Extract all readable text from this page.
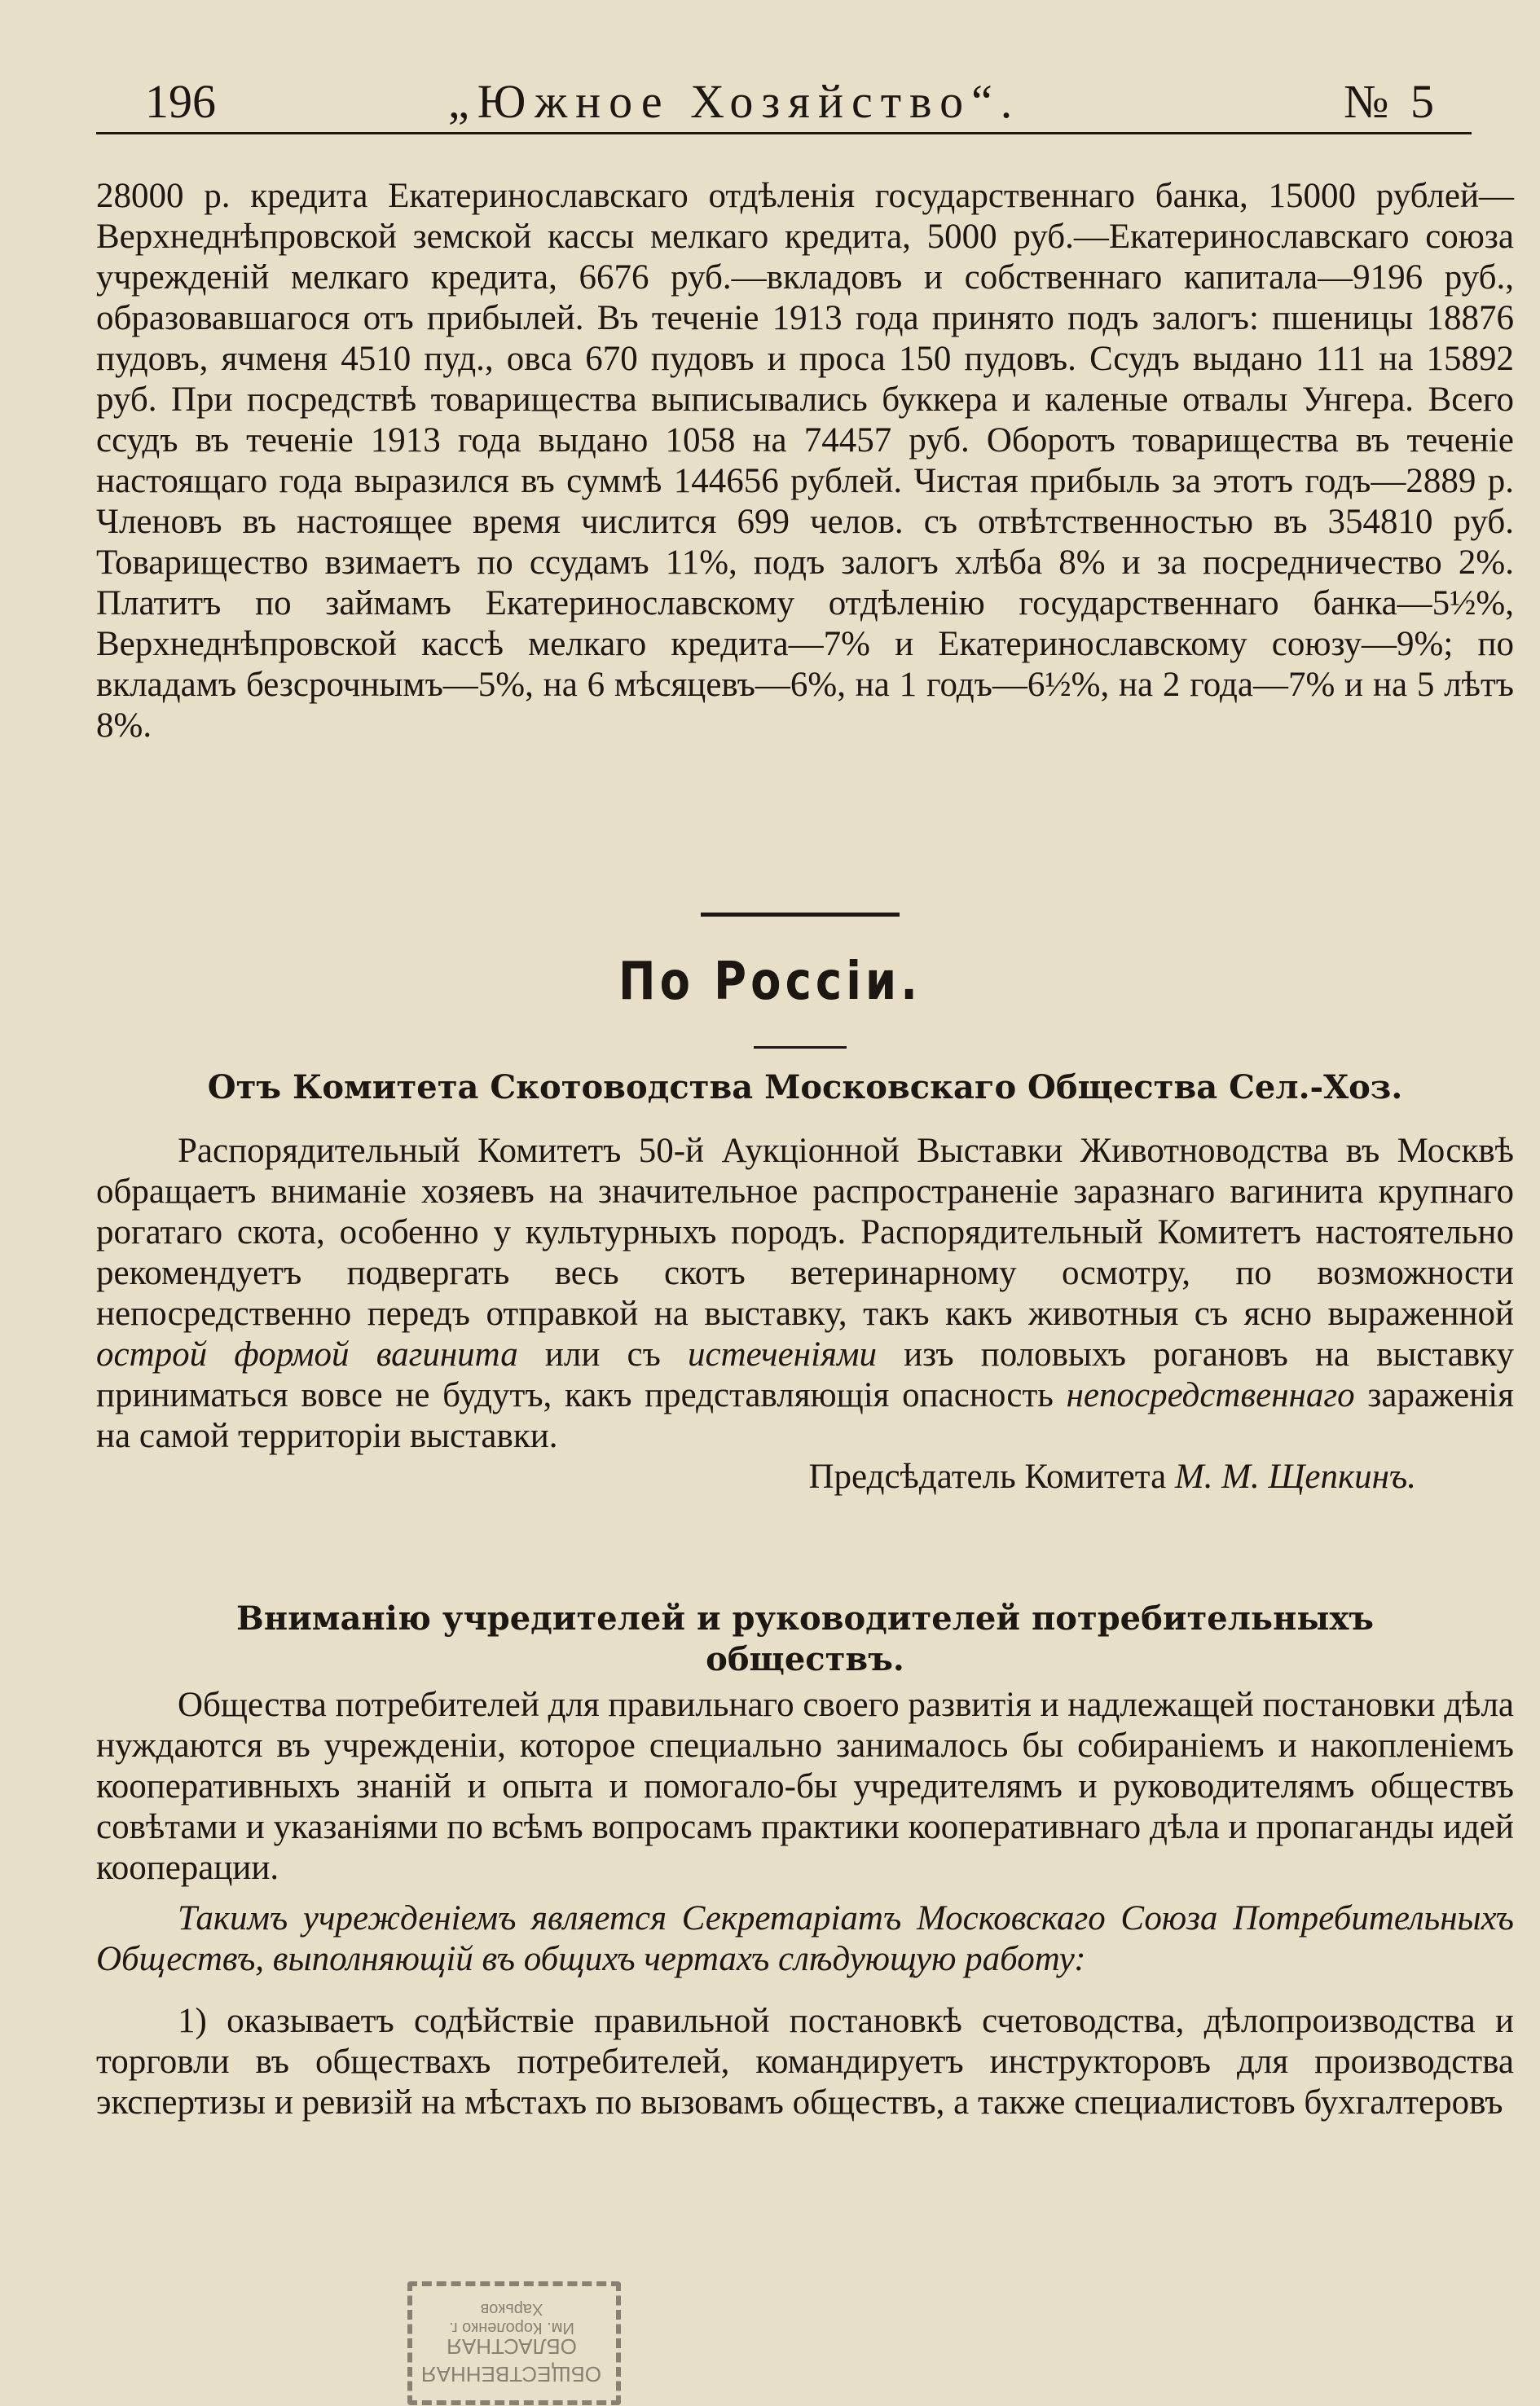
196	„Южное Хозяйство“.	№ 5

28000 р. кредита Екатеринославскаго отдѣленія государственнаго банка, 15000 рублей—Верхнеднѣпровской земской кассы мелкаго кредита, 5000 руб.—Екатеринославскаго союза учрежденій мелкаго кредита, 6676 руб.—вкладовъ и собственнаго капитала—9196 руб., образовавшагося отъ прибылей. Въ теченіе 1913 года принято подъ залогъ: пшеницы 18876 пудовъ, ячменя 4510 пуд., овса 670 пудовъ и проса 150 пудовъ. Ссудъ выдано 111 на 15892 руб. При посредствѣ товарищества выписывались буккера и каленые отвалы Унгера. Всего ссудъ въ теченіе 1913 года выдано 1058 на 74457 руб. Оборотъ товарищества въ теченіе настоящаго года выразился въ суммѣ 144656 рублей. Чистая прибыль за этотъ годъ—2889 р. Членовъ въ настоящее время числится 699 челов. съ отвѣтственностью въ 354810 руб. Товарищество взимаетъ по ссудамъ 11%, подъ залогъ хлѣба 8% и за посредничество 2%. Платитъ по займамъ Екатеринославскому отдѣленію государственнаго банка—5½%, Верхнеднѣпровской кассѣ мелкаго кредита—7% и Екатеринославскому союзу—9%; по вкладамъ безсрочнымъ—5%, на 6 мѣсяцевъ—6%, на 1 годъ—6½%, на 2 года—7% и на 5 лѣтъ 8%.

По Россіи.

Отъ Комитета Скотоводства Московскаго Общества Сел.-Хоз.

Распорядительный Комитетъ 50-й Аукціонной Выставки Животноводства въ Москвѣ обращаетъ вниманіе хозяевъ на значительное распространеніе заразнаго вагинита крупнаго рогатаго скота, особенно у культурныхъ породъ. Распорядительный Комитетъ настоятельно рекомендуетъ подвергать весь скотъ ветеринарному осмотру, по возможности непосредственно передъ отправкой на выставку, такъ какъ животныя съ ясно выраженной острой формой вагинита или съ истеченіями изъ половыхъ рогановъ на выставку приниматься вовсе не будутъ, какъ представляющія опасность непосредственнаго зараженія на самой территоріи выставки.

Предсѣдатель Комитета М. М. Щепкинъ.

Вниманію учредителей и руководителей потребительныхъ

обществъ.

Общества потребителей для правильнаго своего развитія и надлежащей постановки дѣла нуждаются въ учрежденіи, которое специально занималось бы собираніемъ и накопленіемъ кооперативныхъ знаній и опыта и помогало-бы учредителямъ и руководителямъ обществъ совѣтами и указаніями по всѣмъ вопросамъ практики кооперативнаго дѣла и пропаганды идей кооперации.

Такимъ учрежденіемъ является Секретаріатъ Московскаго Союза Потребительныхъ Обществъ, выполняющій въ общихъ чертахъ слѣдующую работу:

1) оказываетъ содѣйствіе правильной постановкѣ счетоводства, дѣлопроизводства и торговли въ обществахъ потребителей, командируетъ инструкторовъ для производства экспертизы и ревизій на мѣстахъ по вызовамъ обществъ, а также специалистовъ бухгалтеровъ

ОБЩЕСТВЕННАЯ
ОБЛАСТНАЯ
Им. Короленко г. Харьков
